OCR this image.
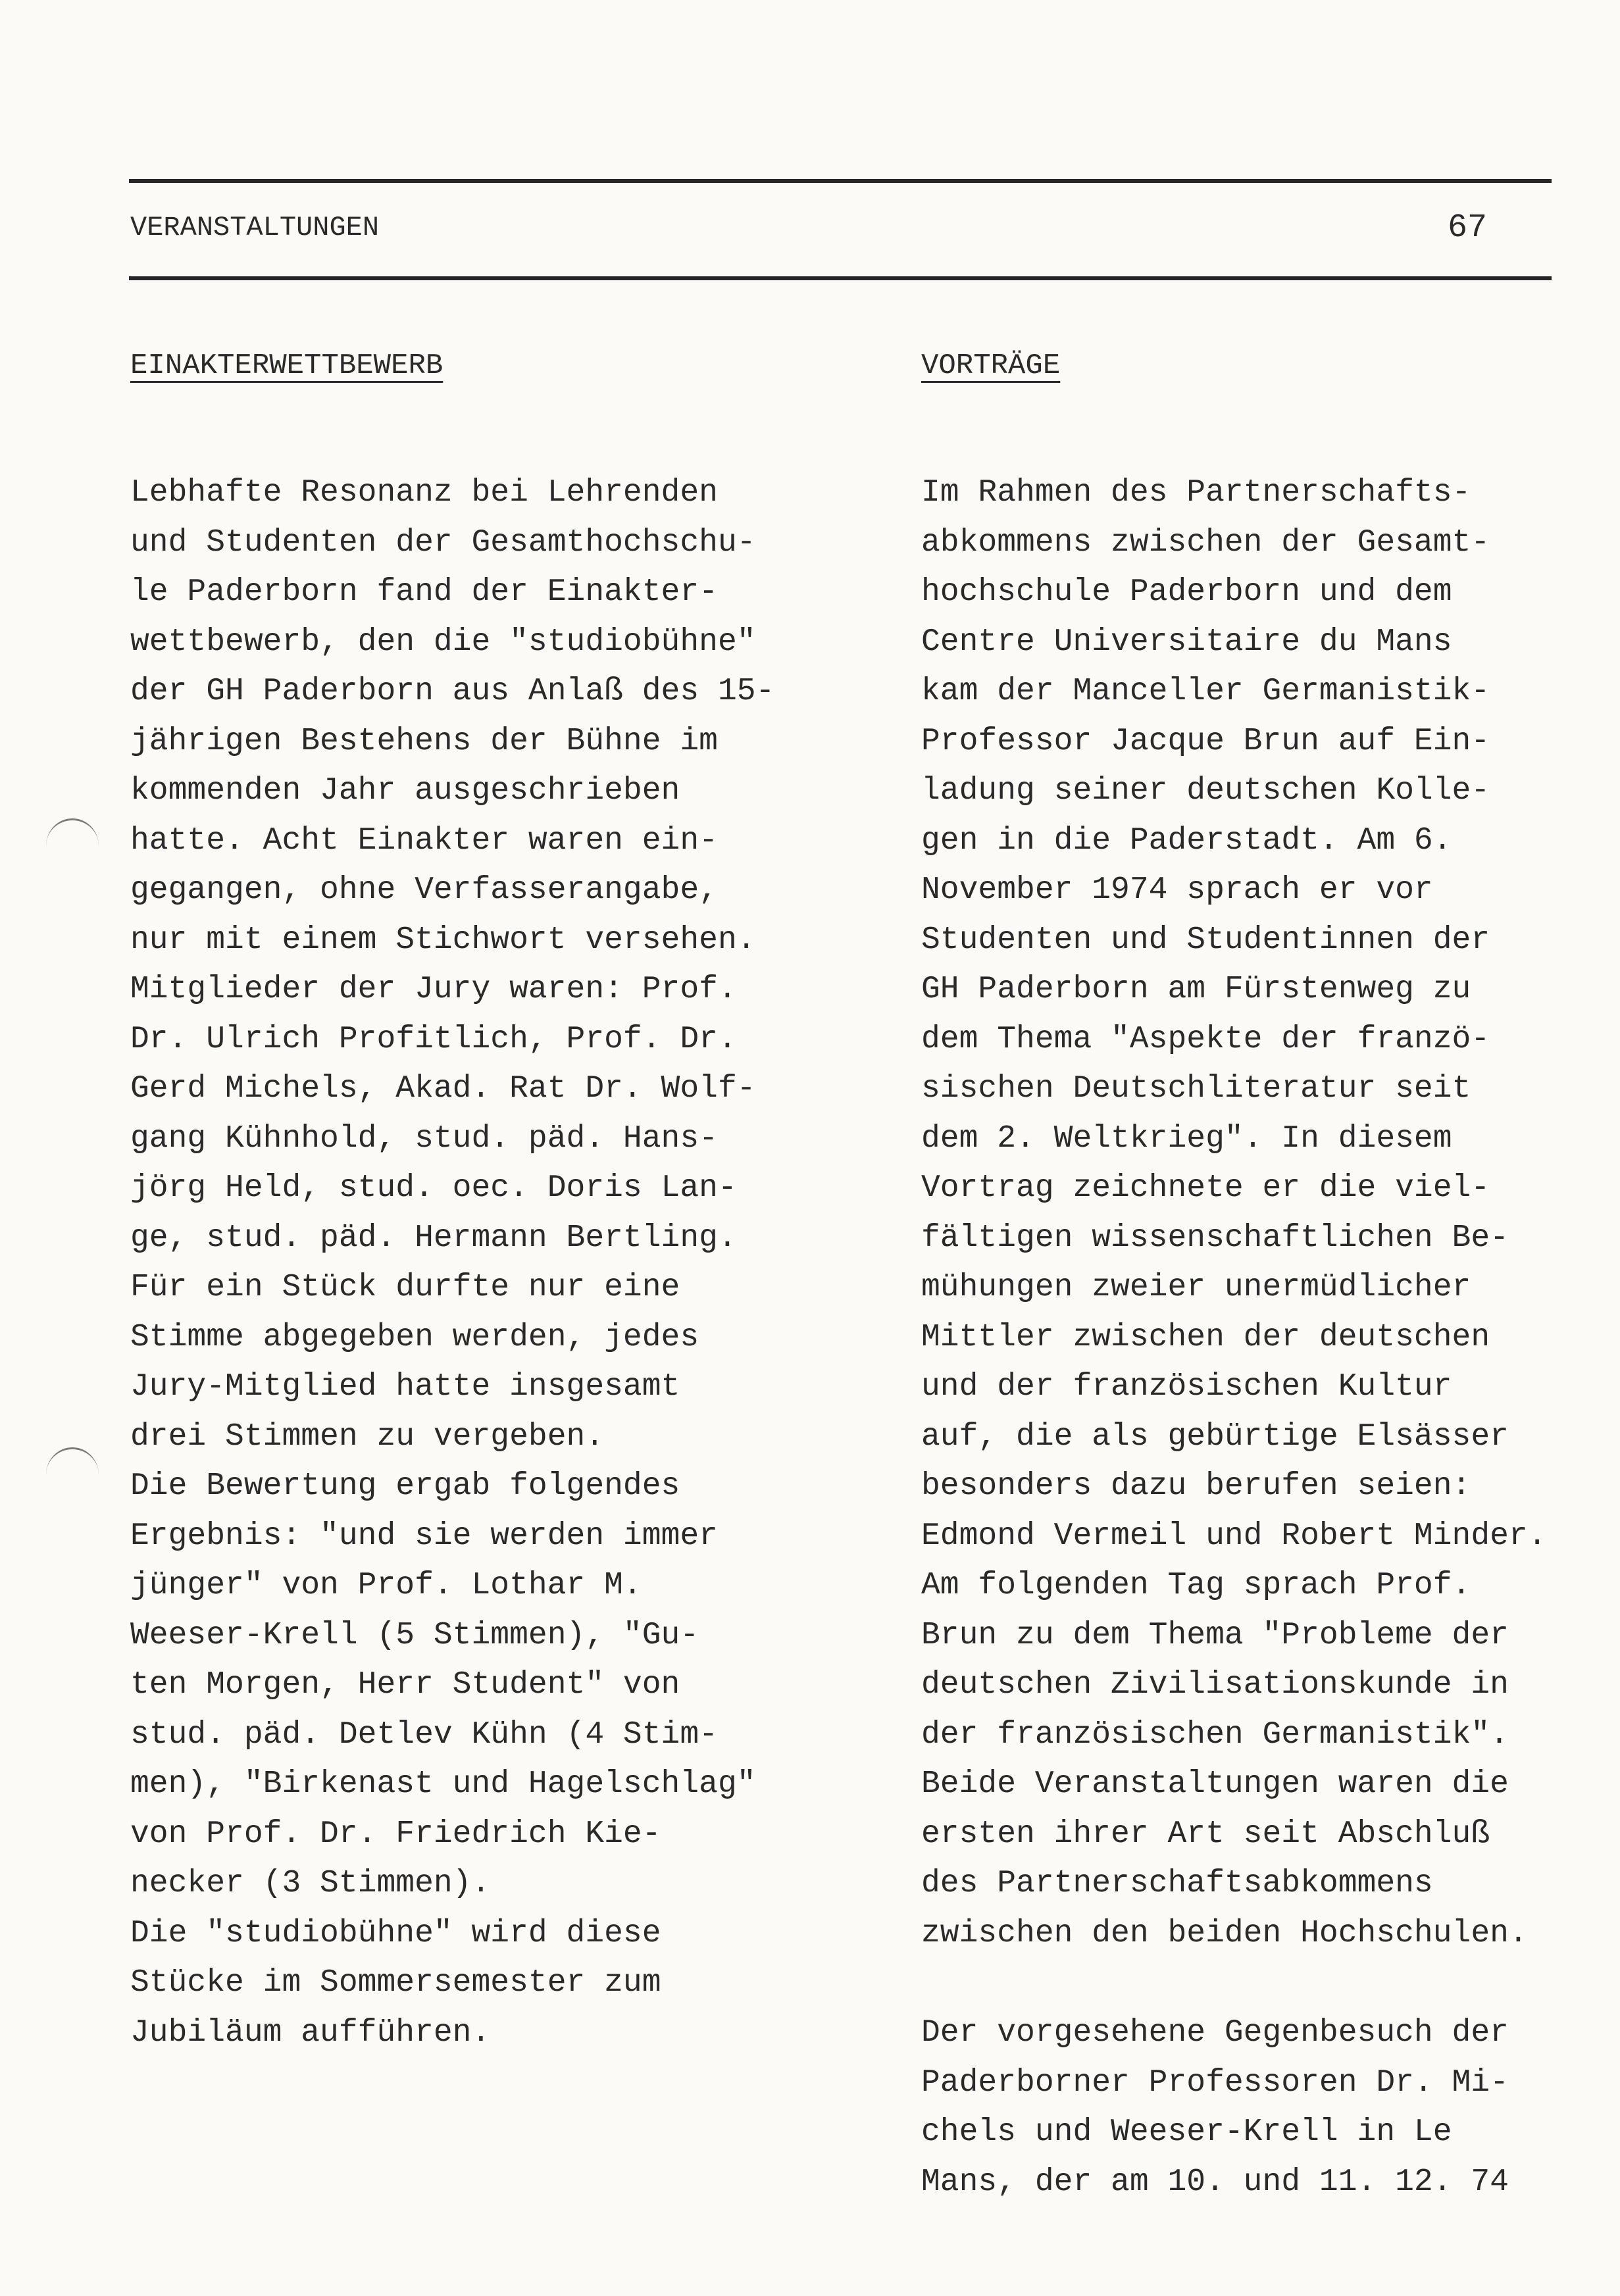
VERANSTALTUNGEN	67
EINAKTERWETTBEWERB
Lebhafte Resonanz bei Lehrenden
und Studenten der Gesamthochschu-
le Paderborn fand der Einakter-
wettbewerb, den die "studiobühne"
der GH Paderborn aus Anlaß des 15-
jährigen Bestehens der Bühne im
kommenden Jahr ausgeschrieben
hatte. Acht Einakter waren ein-
gegangen, ohne Verfasserangabe,
nur mit einem Stichwort versehen.
Mitglieder der Jury waren: Prof.
Dr. Ulrich Profitlich, Prof. Dr.
Gerd Michels, Akad. Rat Dr. Wolf-
gang Kühnhold, stud. päd. Hans-
jörg Held, stud. oec. Doris Lan-
ge, stud. päd. Hermann Bertling.
Für ein Stück durfte nur eine
Stimme abgegeben werden, jedes
Jury-Mitglied hatte insgesamt
drei Stimmen zu vergeben.
Die Bewertung ergab folgendes
Ergebnis: "und sie werden immer
jünger" von Prof. Lothar M.
Weeser-Krell (5 Stimmen), "Gu-
ten Morgen, Herr Student" von
stud. päd. Detlev Kühn (4 Stim-
men), "Birkenast und Hagelschlag"
von Prof. Dr. Friedrich Kie-
necker (3 Stimmen).
Die "studiobühne" wird diese
Stücke im Sommersemester zum
Jubiläum aufführen.
VORTRÄGE
Im Rahmen des Partnerschafts-
abkommens zwischen der Gesamt-
hochschule Paderborn und dem
Centre Universitaire du Mans
kam der Manceller Germanistik-
Professor Jacque Brun auf Ein-
ladung seiner deutschen Kolle-
gen in die Paderstadt. Am 6.
November 1974 sprach er vor
Studenten und Studentinnen der
GH Paderborn am Fürstenweg zu
dem Thema "Aspekte der franzö-
sischen Deutschliteratur seit
dem 2. Weltkrieg". In diesem
Vortrag zeichnete er die viel-
fältigen wissenschaftlichen Be-
mühungen zweier unermüdlicher
Mittler zwischen der deutschen
und der französischen Kultur
auf, die als gebürtige Elsässer
besonders dazu berufen seien:
Edmond Vermeil und Robert Minder.
Am folgenden Tag sprach Prof.
Brun zu dem Thema "Probleme der
deutschen Zivilisationskunde in
der französischen Germanistik".
Beide Veranstaltungen waren die
ersten ihrer Art seit Abschluß
des Partnerschaftsabkommens
zwischen den beiden Hochschulen.
Der vorgesehene Gegenbesuch der
Paderborner Professoren Dr. Mi-
chels und Weeser-Krell in Le
Mans, der am 10. und 11. 12. 74
